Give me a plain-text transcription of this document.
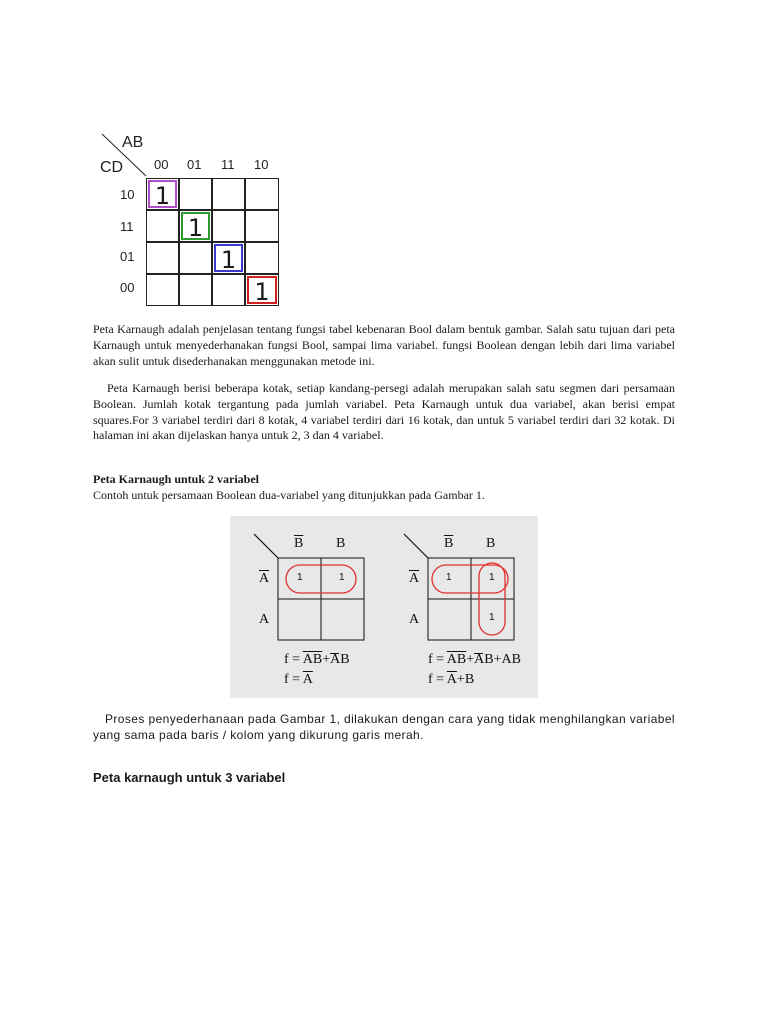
AB
CD 00 01 11 10
10
11
01
00
1
1
1
1

Peta Karnaugh adalah penjelasan tentang fungsi tabel kebenaran Bool dalam bentuk gambar. Salah satu tujuan dari peta Karnaugh untuk menyederhanakan fungsi Bool, sampai lima variabel. fungsi Boolean dengan lebih dari lima variabel akan sulit untuk disederhanakan menggunakan metode ini.

Peta Karnaugh berisi beberapa kotak, setiap kandang-persegi adalah merupakan salah satu segmen dari persamaan Boolean. Jumlah kotak tergantung pada jumlah variabel. Peta Karnaugh untuk dua variabel, akan berisi empat squares.For 3 variabel terdiri dari 8 kotak, 4 variabel terdiri dari 16 kotak, dan untuk 5 variabel terdiri dari 32 kotak. Di halaman ini akan dijelaskan hanya untuk 2, 3 dan 4 variabel.

Peta Karnaugh untuk 2 variabel
Contoh untuk persamaan Boolean dua-variabel yang ditunjukkan pada Gambar 1.
$\overline{B}$ B
$\overline{A}$
A
1	1
$f = \overline{AB}+AB$
$f = \overline{A}$
$\overline{B}$ B
$\overline{A}$
A
1	1
1
$f = \overline{AB}+AB+AB$
$f = \overline{A}+B$

Proses penyederhanaan pada Gambar 1, dilakukan dengan cara yang tidak menghilangkan variabel yang sama pada baris / kolom yang dikurung garis merah.

Peta karnaugh untuk 3 variabel
